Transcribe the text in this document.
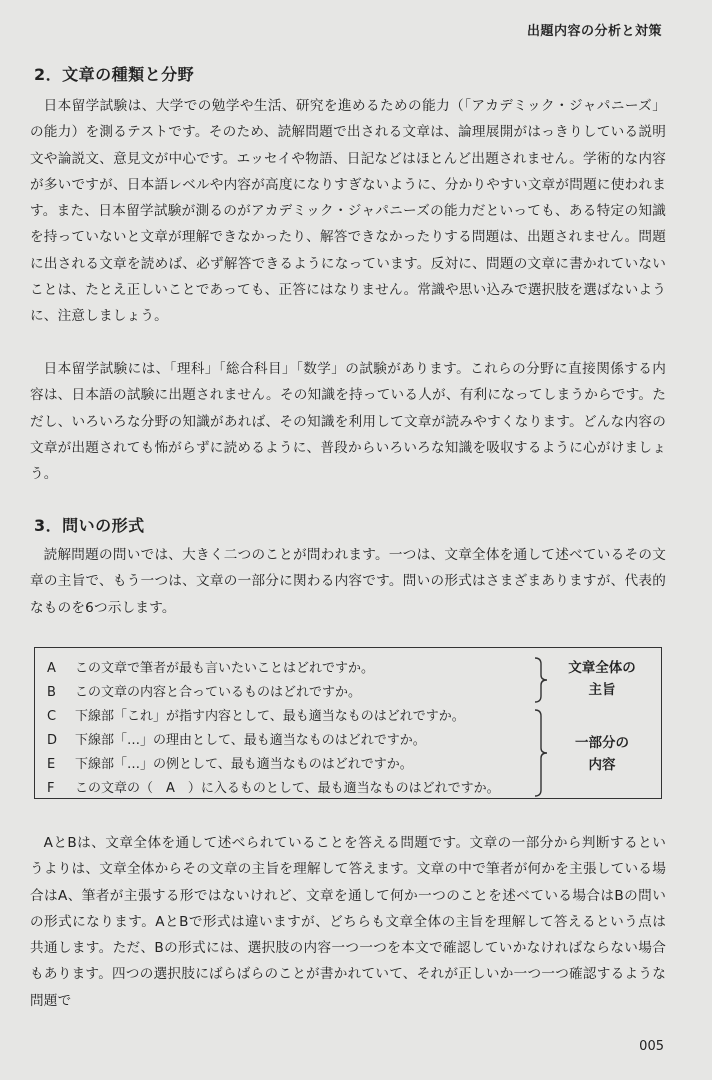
出題内容の分析と対策
2．文章の種類と分野

日本留学試験は、大学での勉学や生活、研究を進めるための能力（「アカデミック・ジャパニーズ」の能力）を測るテストです。そのため、読解問題で出される文章は、論理展開がはっきりしている説明文や論説文、意見文が中心です。エッセイや物語、日記などはほとんど出題されません。学術的な内容が多いですが、日本語レベルや内容が高度になりすぎないように、分かりやすい文章が問題に使われます。また、日本留学試験が測るのがアカデミック・ジャパニーズの能力だといっても、ある特定の知識を持っていないと文章が理解できなかったり、解答できなかったりする問題は、出題されません。問題に出される文章を読めば、必ず解答できるようになっています。反対に、問題の文章に書かれていないことは、たとえ正しいことであっても、正答にはなりません。常識や思い込みで選択肢を選ばないように、注意しましょう。

日本留学試験には、「理科」「総合科目」「数学」の試験があります。これらの分野に直接関係する内容は、日本語の試験に出題されません。その知識を持っている人が、有利になってしまうからです。ただし、いろいろな分野の知識があれば、その知識を利用して文章が読みやすくなります。どんな内容の文章が出題されても怖がらずに読めるように、普段からいろいろな知識を吸収するように心がけましょう。

3．問いの形式

読解問題の問いでは、大きく二つのことが問われます。一つは、文章全体を通して述べているその文章の主旨で、もう一つは、文章の一部分に関わる内容です。問いの形式はさまざまありますが、代表的なものを6つ示します。

A この文章で筆者が最も言いたいことはどれですか。
B この文章の内容と合っているものはどれですか。
C 下線部「これ」が指す内容として、最も適当なものはどれですか。
D 下線部「…」の理由として、最も適当なものはどれですか。
E 下線部「…」の例として、最も適当なものはどれですか。
F この文章の（　A　）に入るものとして、最も適当なものはどれですか。
文章全体の
主旨
一部分の
内容

AとBは、文章全体を通して述べられていることを答える問題です。文章の一部分から判断するというよりは、文章全体からその文章の主旨を理解して答えます。文章の中で筆者が何かを主張している場合はA、筆者が主張する形ではないけれど、文章を通して何か一つのことを述べている場合はBの問いの形式になります。AとBで形式は違いますが、どちらも文章全体の主旨を理解して答えるという点は共通します。ただ、Bの形式には、選択肢の内容一つ一つを本文で確認していかなければならない場合もあります。四つの選択肢にばらばらのことが書かれていて、それが正しいか一つ一つ確認するような問題で

005
